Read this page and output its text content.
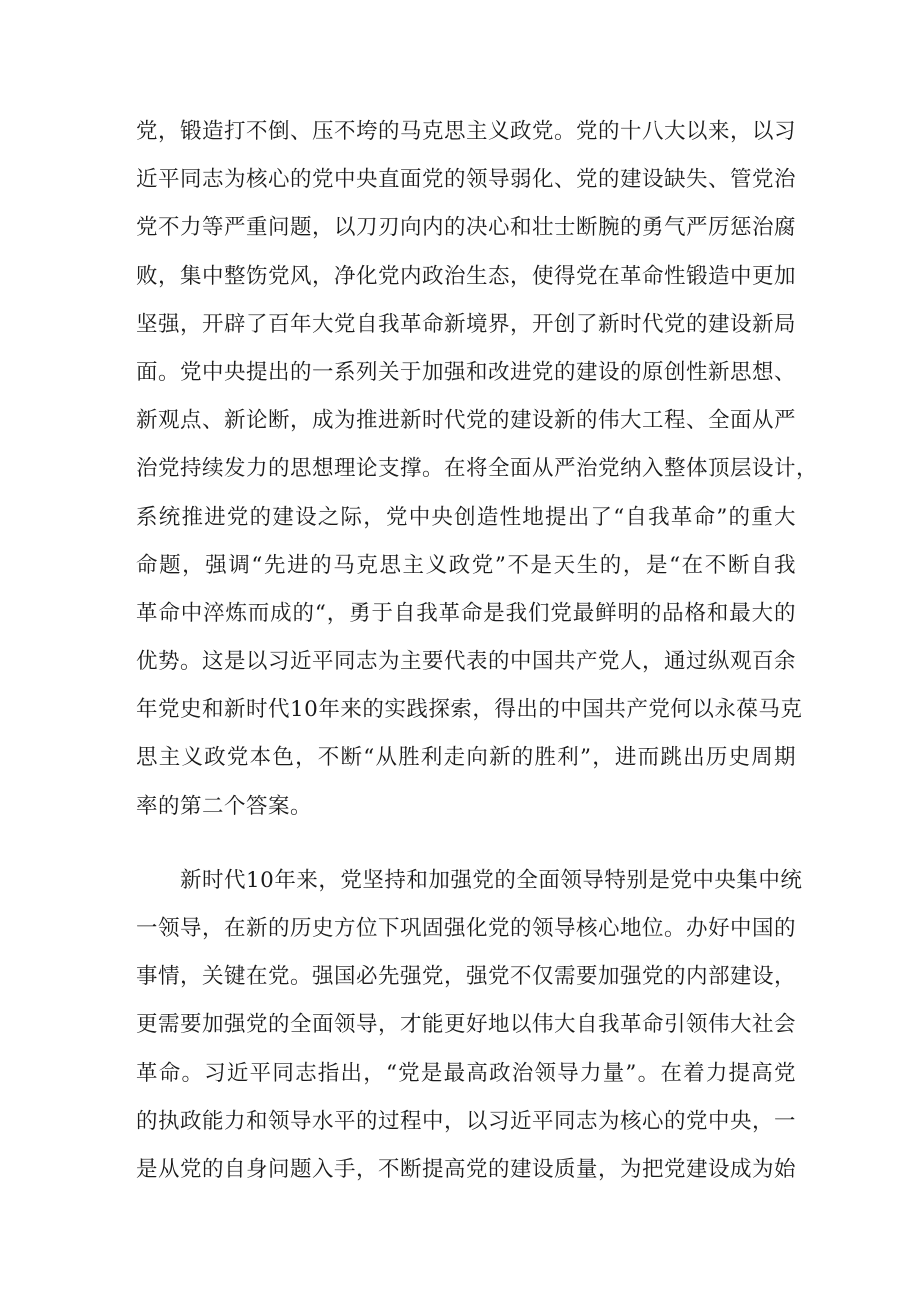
党，锻造打不倒、压不垮的马克思主义政党。党的十八大以来，以习
近平同志为核心的党中央直面党的领导弱化、党的建设缺失、管党治
党不力等严重问题，以刀刃向内的决心和壮士断腕的勇气严厉惩治腐
败，集中整饬党风，净化党内政治生态，使得党在革命性锻造中更加
坚强，开辟了百年大党自我革命新境界，开创了新时代党的建设新局
面。党中央提出的一系列关于加强和改进党的建设的原创性新思想、
新观点、新论断，成为推进新时代党的建设新的伟大工程、全面从严
治党持续发力的思想理论支撑。在将全面从严治党纳入整体顶层设计，
系统推进党的建设之际，党中央创造性地提出了“自我革命”的重大
命题，强调“先进的马克思主义政党”不是天生的，是“在不断自我
革命中淬炼而成的“，勇于自我革命是我们党最鲜明的品格和最大的
优势。这是以习近平同志为主要代表的中国共产党人，通过纵观百余
年党史和新时代10年来的实践探索，得出的中国共产党何以永葆马克
思主义政党本色，不断“从胜利走向新的胜利”，进而跳出历史周期
率的第二个答案。
新时代10年来，党坚持和加强党的全面领导特别是党中央集中统
一领导，在新的历史方位下巩固强化党的领导核心地位。办好中国的
事情，关键在党。强国必先强党，强党不仅需要加强党的内部建设，
更需要加强党的全面领导，才能更好地以伟大自我革命引领伟大社会
革命。习近平同志指出，“党是最高政治领导力量”。在着力提高党
的执政能力和领导水平的过程中，以习近平同志为核心的党中央，一
是从党的自身问题入手，不断提高党的建设质量，为把党建设成为始
